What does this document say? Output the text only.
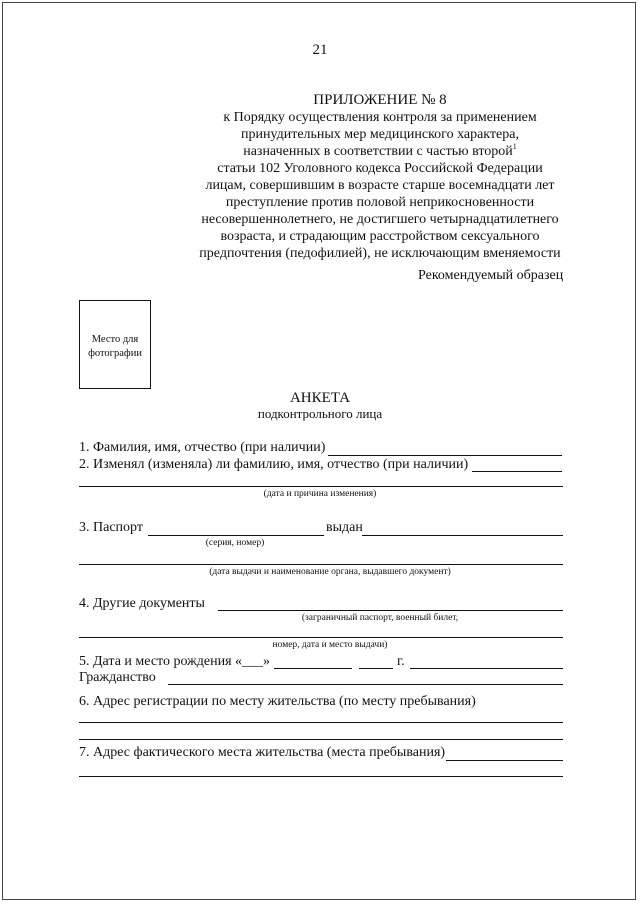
21
ПРИЛОЖЕНИЕ № 8
к Порядку осуществления контроля за применением
принудительных мер медицинского характера,
назначенных в соответствии с частью второй$^1$
статьи 102 Уголовного кодекса Российской Федерации
лицам, совершившим в возрасте старше восемнадцати лет
преступление против половой неприкосновенности
несовершеннолетнего, не достигшего четырнадцатилетнего
возраста, и страдающим расстройством сексуального
предпочтения (педофилией), не исключающим вменяемости
Рекомендуемый образец
Место для
фотографии
АНКЕТА
подконтрольного лица
1. Фамилия, имя, отчество (при наличии)
2. Изменял (изменяла) ли фамилию, имя, отчество (при наличии)
(дата и причина изменения)
3. Паспорт	выдан
(серия, номер)
(дата выдачи и наименование органа, выдавшего документ)
4. Другие документы
(заграничный паспорт, военный билет,
номер, дата и место выдачи)
5. Дата и место рождения «___»	г.
Гражданство
6. Адрес регистрации по месту жительства (по месту пребывания)
7. Адрес фактического места жительства (места пребывания)
